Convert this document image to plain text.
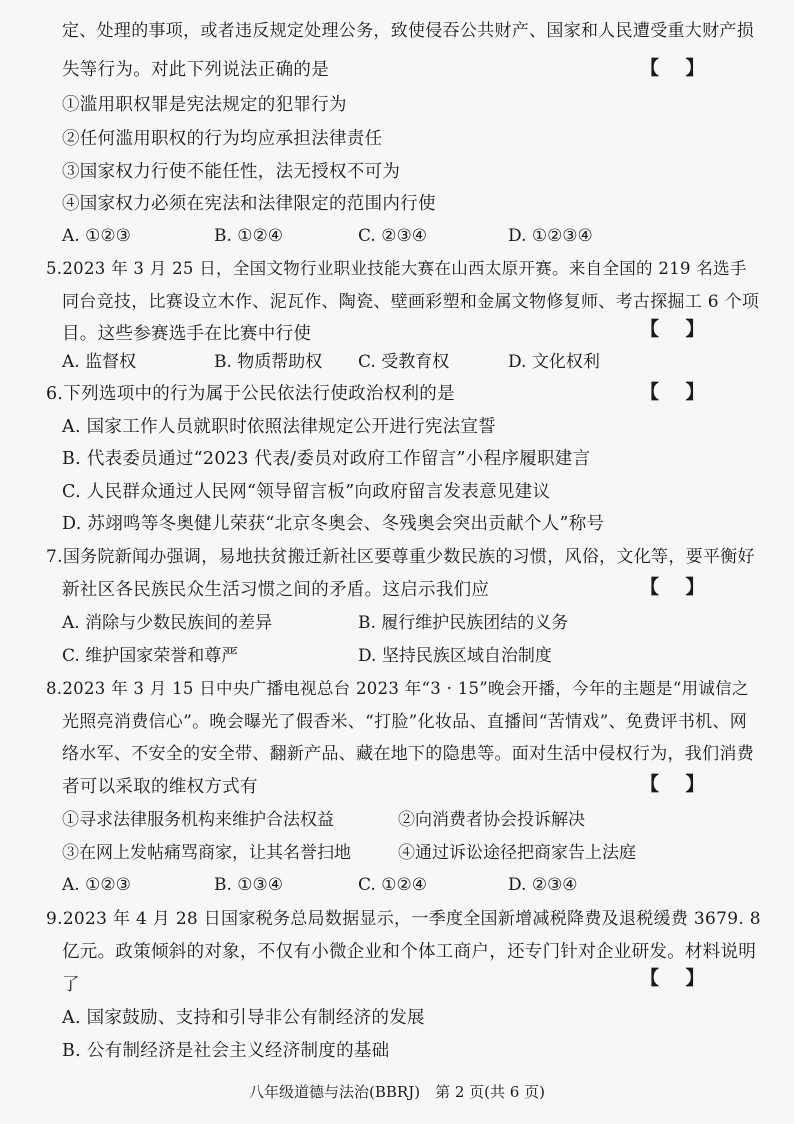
定、处理的事项，或者违反规定处理公务，致使侵吞公共财产、国家和人民遭受重大财产损
失等行为。对此下列说法正确的是	【    】
①滥用职权罪是宪法规定的犯罪行为
②任何滥用职权的行为均应承担法律责任
③国家权力行使不能任性，法无授权不可为
④国家权力必须在宪法和法律限定的范围内行使
A. ①②③	B. ①②④	C. ②③④	D. ①②③④
5.2023 年 3 月 25 日，全国文物行业职业技能大赛在山西太原开赛。来自全国的 219 名选手
同台竞技，比赛设立木作、泥瓦作、陶瓷、壁画彩塑和金属文物修复师、考古探掘工 6 个项
目。这些参赛选手在比赛中行使	【    】
A. 监督权	B. 物质帮助权 C. 受教育权	D. 文化权利
6.下列选项中的行为属于公民依法行使政治权利的是	【    】
A. 国家工作人员就职时依照法律规定公开进行宪法宣誓
B. 代表委员通过“2023 代表/委员对政府工作留言”小程序履职建言
C. 人民群众通过人民网“领导留言板”向政府留言发表意见建议
D. 苏翊鸣等冬奥健儿荣获“北京冬奥会、冬残奥会突出贡献个人”称号
7.国务院新闻办强调，易地扶贫搬迁新社区要尊重少数民族的习惯，风俗，文化等，要平衡好
新社区各民族民众生活习惯之间的矛盾。这启示我们应	【    】
A. 消除与少数民族间的差异	B. 履行维护民族团结的义务
C. 维护国家荣誉和尊严	D. 坚持民族区域自治制度
8.2023 年 3 月 15 日中央广播电视总台 2023 年“3 · 15”晚会开播，今年的主题是“用诚信之
光照亮消费信心”。晚会曝光了假香米、“打脸”化妆品、直播间“苦情戏”、免费评书机、网
络水军、不安全的安全带、翻新产品、藏在地下的隐患等。面对生活中侵权行为，我们消费
者可以采取的维权方式有	【    】
①寻求法律服务机构来维护合法权益	②向消费者协会投诉解决
③在网上发帖痛骂商家，让其名誉扫地	④通过诉讼途径把商家告上法庭
A. ①②③	B. ①③④	C. ①②④	D. ②③④
9.2023 年 4 月 28 日国家税务总局数据显示，一季度全国新增减税降费及退税缓费 3679. 8
亿元。政策倾斜的对象，不仅有小微企业和个体工商户，还专门针对企业研发。材料说明
了	【    】
A. 国家鼓励、支持和引导非公有制经济的发展
B. 公有制经济是社会主义经济制度的基础
八年级道德与法治(BBRJ)　第 2 页(共 6 页)
